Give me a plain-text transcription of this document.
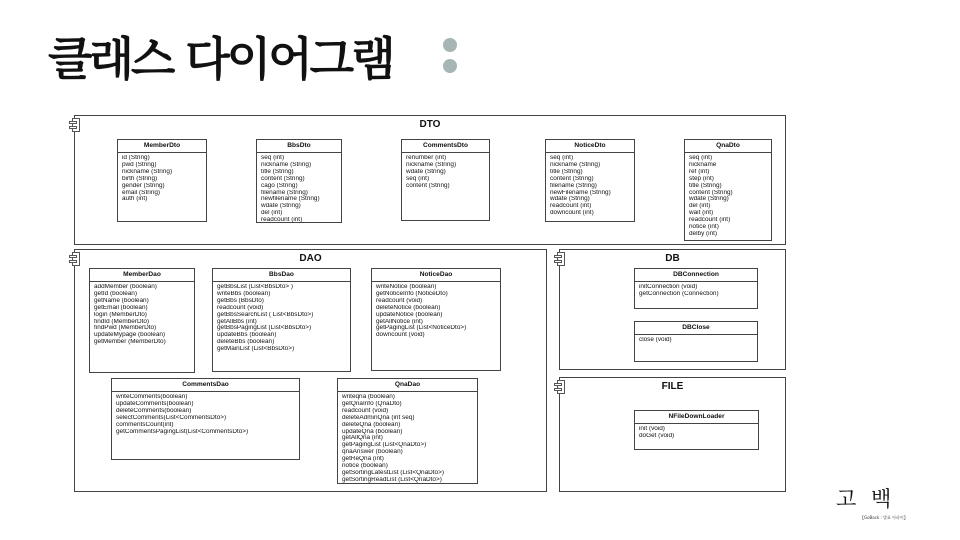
클래스 다이어그램
DTO
MemberDto
id (String)
pwd (String)
nickname (String)
birth (String)
gender (String)
email (String)
auth (int)
BbsDto
seq (int)
nickname (String)
title (String)
content (String)
cago (String)
filename (String)
newfilename (String)
wdate (String)
del (int)
readcount (int)
CommentsDto
renumber (int)
nickname (String)
wdate (String)
seq (int)
content (String)
NoticeDto
seq (int)
nickname (String)
title (String)
content (String)
filename (String)
newFilename (String)
wdate (String)
readcount (int)
downcount (int)
QnaDto
seq (int)
nickname
ref (int)
step (int)
title (String)
content (String)
wdate (String)
del (int)
wait (int)
readcount (int)
notice (int)
delby (int)
DAO
MemberDao
addMember (boolean)
getId (boolean)
getName (boolean)
getEmail (boolean)
login (MemberDto)
findId (MemberDto)
findPwd (MemberDto)
updateMypage (boolean)
getMember (MemberDto)
BbsDao
getBbsList (List<BbsDto> )
writeBbs (boolean)
getBbs (BbsDto)
readcount (void)
getBbsSearchList ( List<BbsDto>)
getAllBbs (int)
getBbsPagingList (List<BbsDto>)
updateBbs (boolean)
deleteBbs (boolean)
getMainList (List<BbsDto>)
NoticeDao
writeNotice (boolean)
getNoticeInfo (NoticeDto)
readcount (void)
deleteNotice (boolean)
updateNotice (boolean)
getAllNotice (int)
getPagingList (List<NoticeDto>)
downcount (void)
CommentsDao
writeComments(boolean)
updateComments(boolean)
deleteComments(boolean)
selectComments(List<CommentsDto>)
commentsCount(int)
getCommentsPagingList(List<CommentsDto>)
QnaDao
writeqna (boolean)
getQnaInfo (QnaDto)
readcount (void)
deleteAdminQna (int seq)
deleteQna (boolean)
updateQna (boolean)
getAllQna (int)
getPagingList (List<QnaDto>)
qnaAnswer (boolean)
getReQna (int)
notice (boolean)
getSortingLatestList (List<QnaDto>)
getSortingReadList (List<QnaDto>)
DB
DBConnection
initConnection (void)
getConnection (Connection)
DBClose
close (void)
FILE
NFileDownLoader
init (void)
doGet (void)
고 백
【GoBack : 발표 아파이】
